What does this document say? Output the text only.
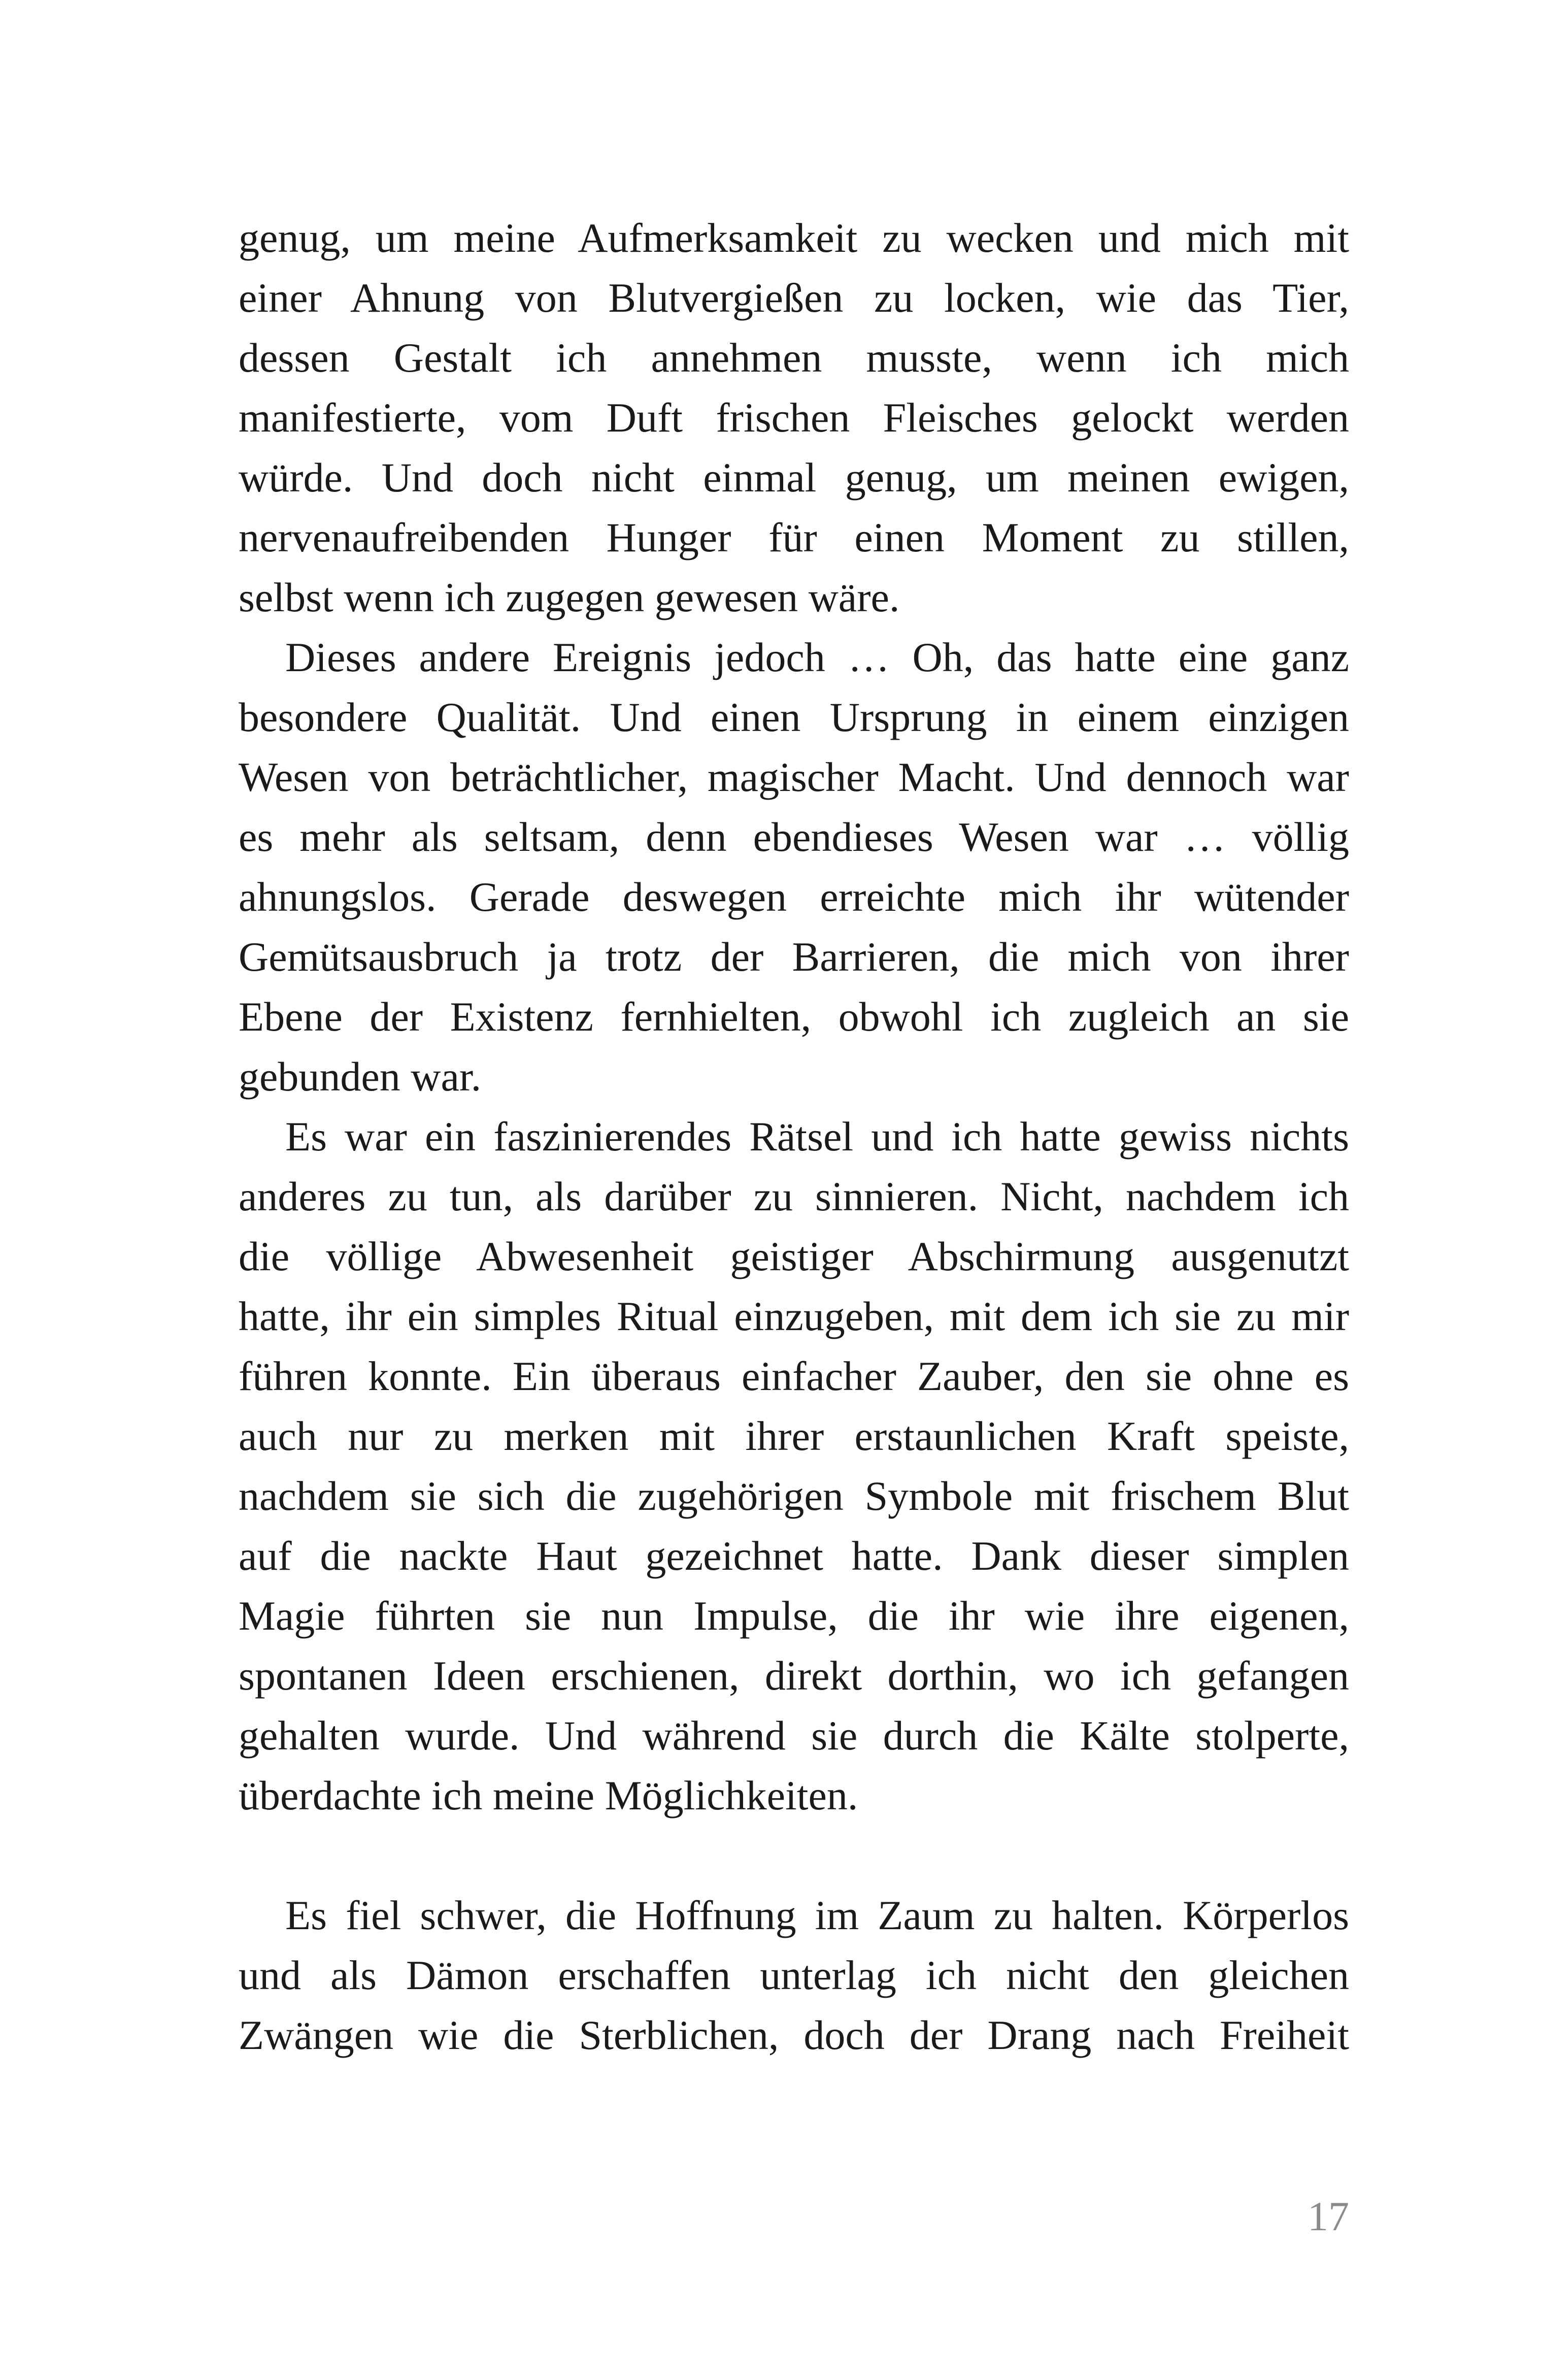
genug, um meine Aufmerksamkeit zu wecken und mich mit
einer Ahnung von Blutvergießen zu locken, wie das Tier,
dessen Gestalt ich annehmen musste, wenn ich mich
manifestierte, vom Duft frischen Fleisches gelockt werden
würde. Und doch nicht einmal genug, um meinen ewigen,
nervenaufreibenden Hunger für einen Moment zu stillen,
selbst wenn ich zugegen gewesen wäre.
Dieses andere Ereignis jedoch … Oh, das hatte eine ganz
besondere Qualität. Und einen Ursprung in einem einzigen
Wesen von beträchtlicher, magischer Macht. Und dennoch war
es mehr als seltsam, denn ebendieses Wesen war … völlig
ahnungslos. Gerade deswegen erreichte mich ihr wütender
Gemütsausbruch ja trotz der Barrieren, die mich von ihrer
Ebene der Existenz fernhielten, obwohl ich zugleich an sie
gebunden war.
Es war ein faszinierendes Rätsel und ich hatte gewiss nichts
anderes zu tun, als darüber zu sinnieren. Nicht, nachdem ich
die völlige Abwesenheit geistiger Abschirmung ausgenutzt
hatte, ihr ein simples Ritual einzugeben, mit dem ich sie zu mir
führen konnte. Ein überaus einfacher Zauber, den sie ohne es
auch nur zu merken mit ihrer erstaunlichen Kraft speiste,
nachdem sie sich die zugehörigen Symbole mit frischem Blut
auf die nackte Haut gezeichnet hatte. Dank dieser simplen
Magie führten sie nun Impulse, die ihr wie ihre eigenen,
spontanen Ideen erschienen, direkt dorthin, wo ich gefangen
gehalten wurde. Und während sie durch die Kälte stolperte,
überdachte ich meine Möglichkeiten.
Es fiel schwer, die Hoffnung im Zaum zu halten. Körperlos
und als Dämon erschaffen unterlag ich nicht den gleichen
Zwängen wie die Sterblichen, doch der Drang nach Freiheit
17
